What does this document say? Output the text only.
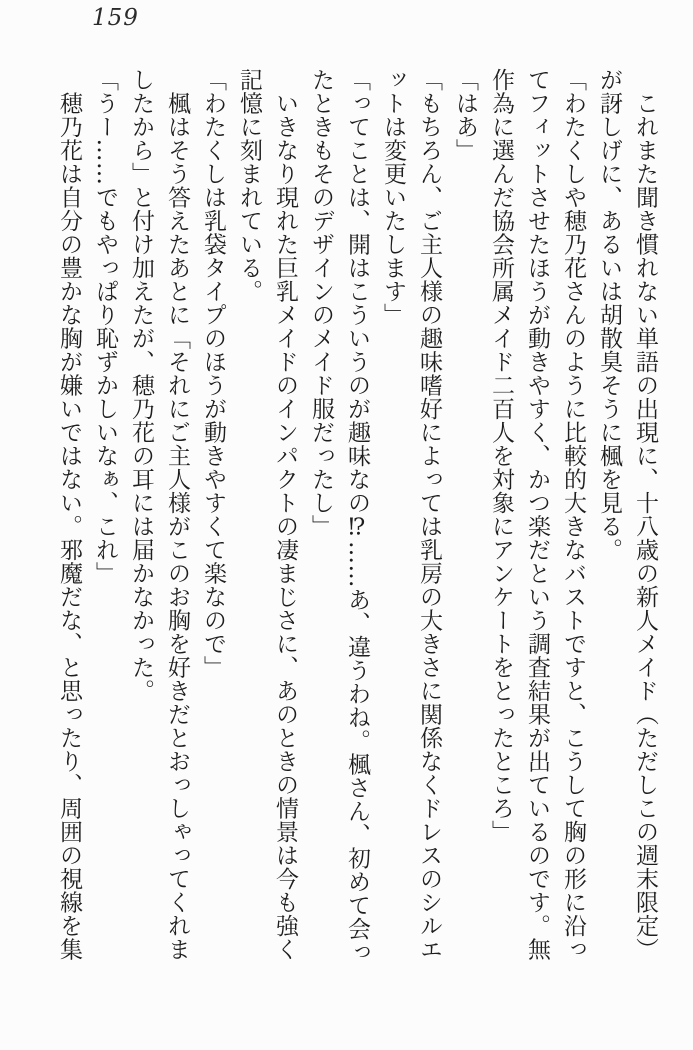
159

　これまた聞き慣れない単語の出現に、十八歳の新人メイド（ただしこの週末限定）

が訝しげに、あるいは胡散臭そうに楓を見る。

「わたくしや穂乃花さんのように比較的大きなバストですと、こうして胸の形に沿っ

てフィットさせたほうが動きやすく、かつ楽だという調査結果が出ているのです。無

作為に選んだ協会所属メイド二百人を対象にアンケートをとったところ」

「はあ」

「もちろん、ご主人様の趣味嗜好によっては乳房の大きさに関係なくドレスのシルエ

ットは変更いたします」

「ってことは、開はこういうのが趣味なの⁉……あ、違うわね。楓さん、初めて会っ

たときもそのデザインのメイド服だったし」

　いきなり現れた巨乳メイドのインパクトの凄まじさに、あのときの情景は今も強く

記憶に刻まれている。

「わたくしは乳袋タイプのほうが動きやすくて楽なので」

　楓はそう答えたあとに「それにご主人様がこのお胸を好きだとおっしゃってくれま

したから」と付け加えたが、穂乃花の耳には届かなかった。

「うー……でもやっぱり恥ずかしいなぁ、これ」

　穂乃花は自分の豊かな胸が嫌いではない。邪魔だな、と思ったり、周囲の視線を集
